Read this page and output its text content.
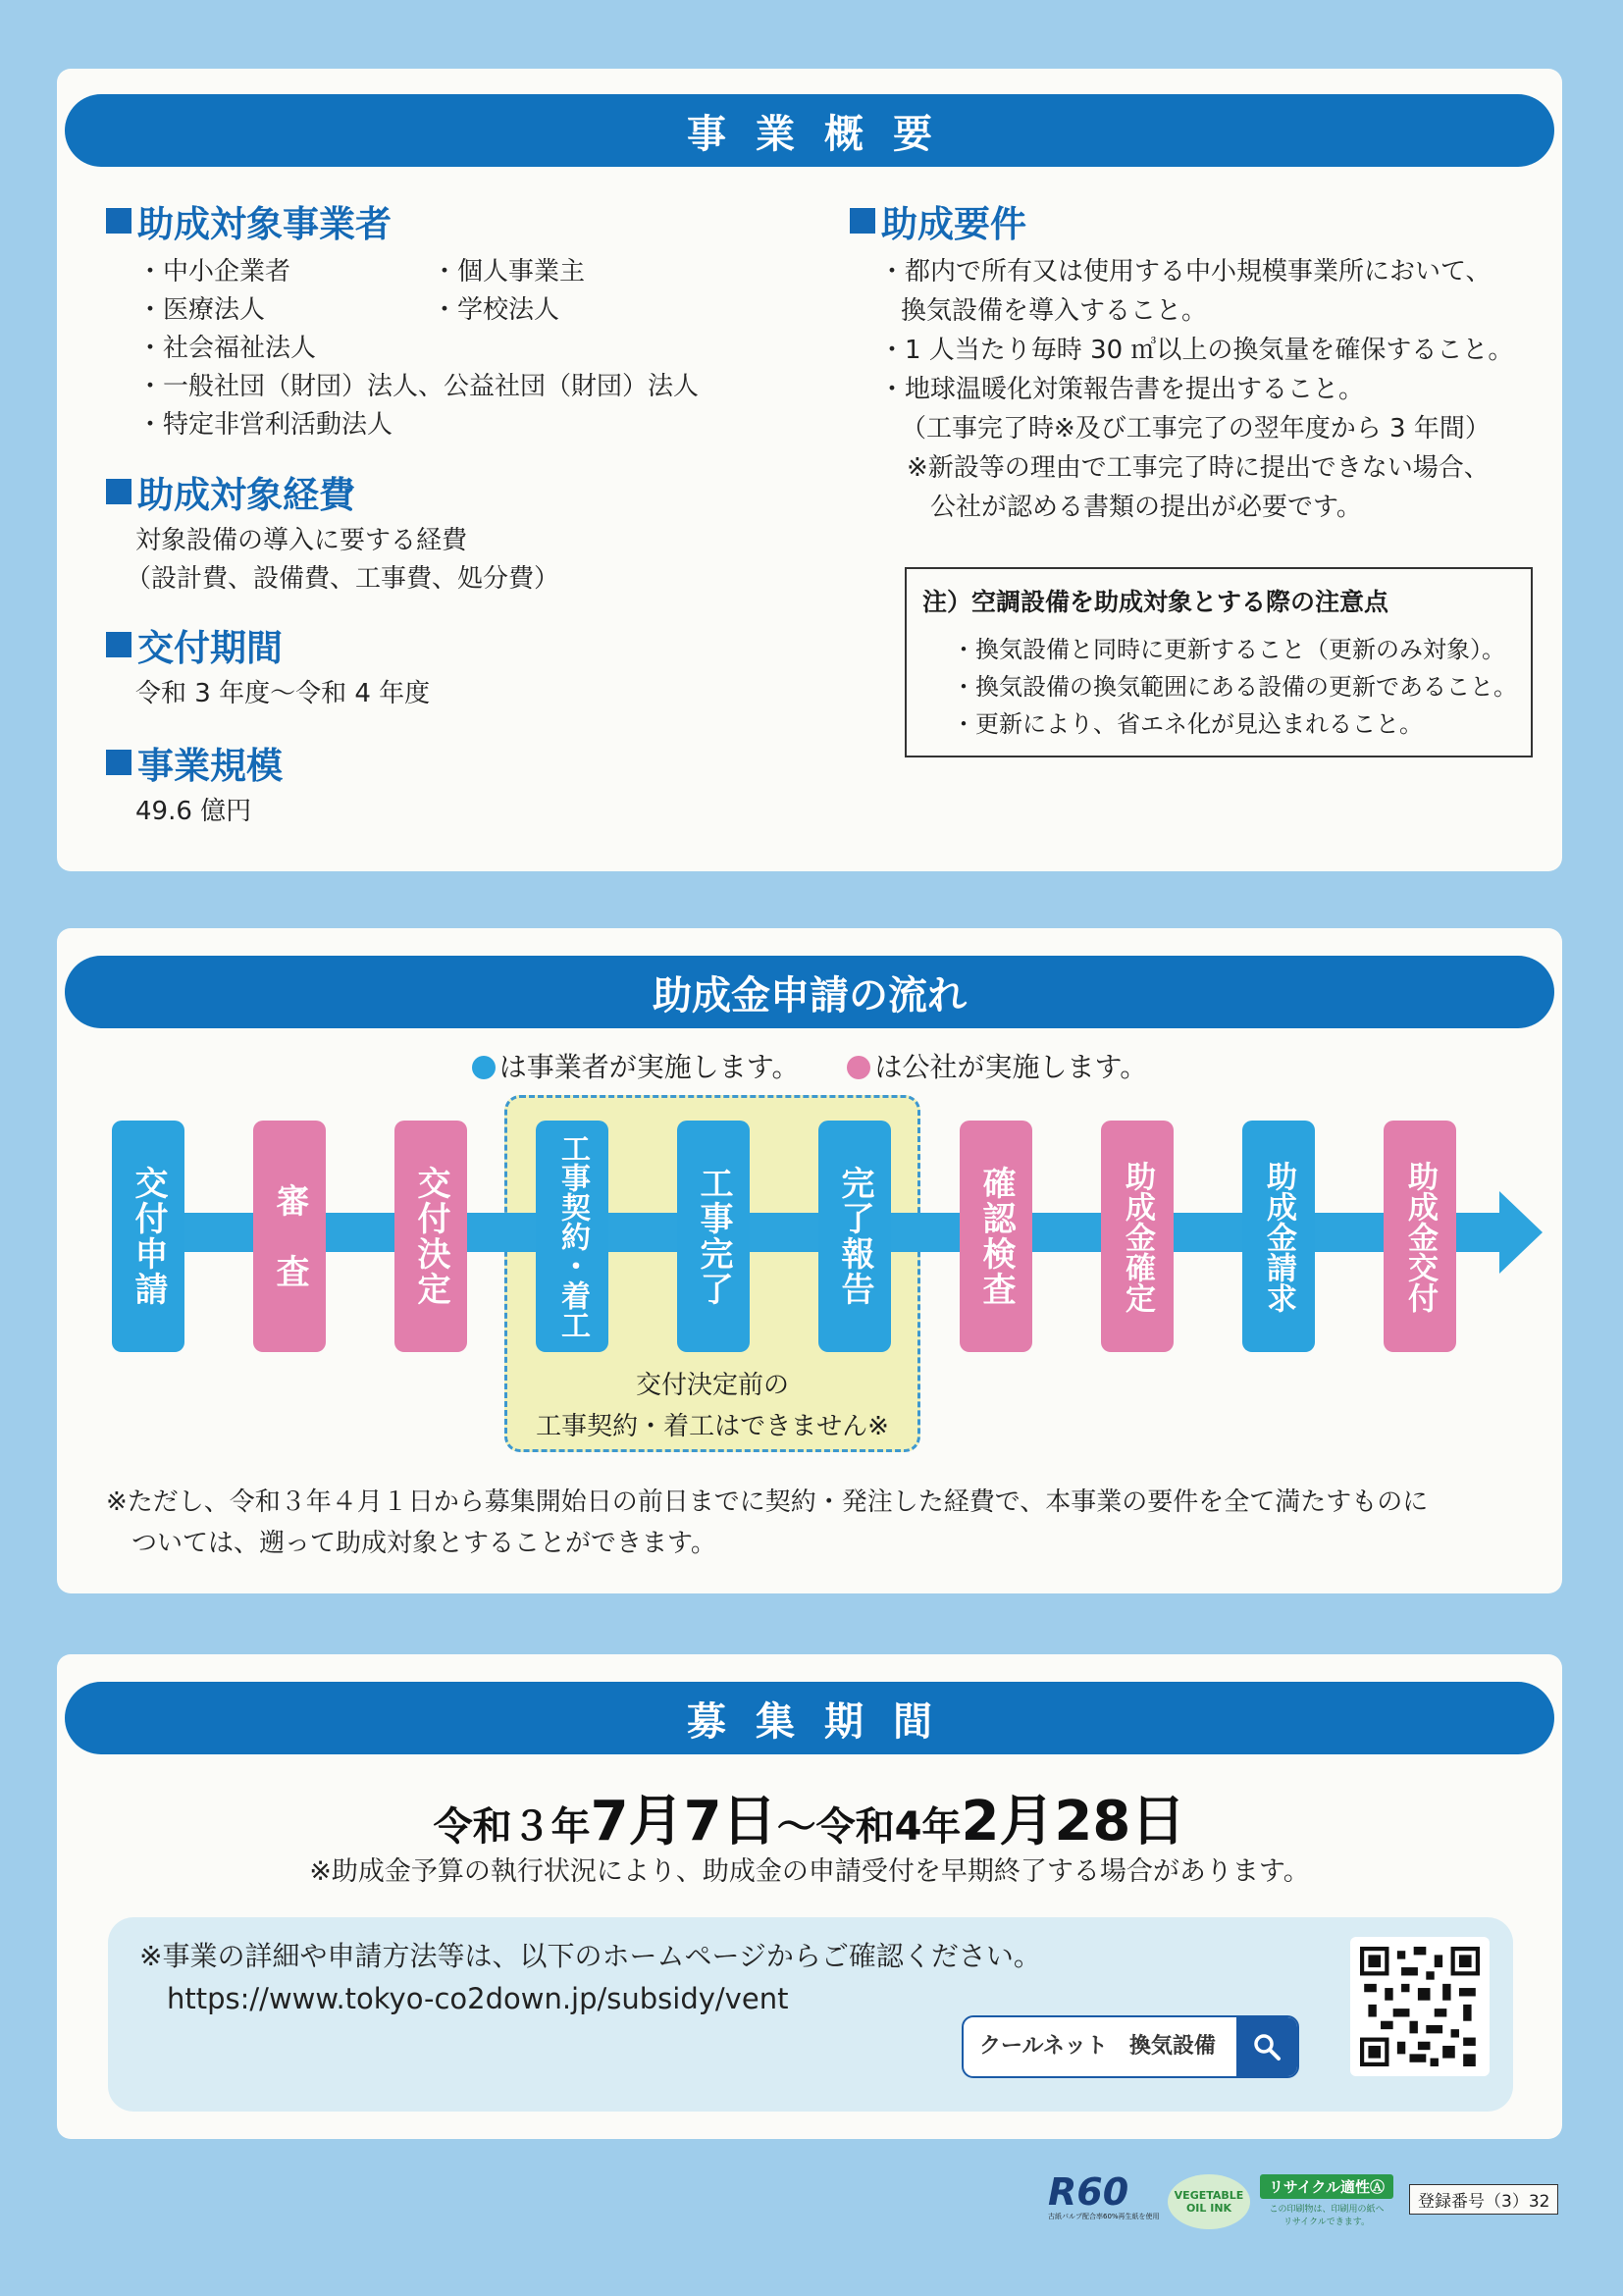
事業概要
助成対象事業者
・中小企業者	・個人事業主
・医療法人	・学校法人
・社会福祉法人
・一般社団（財団）法人、公益社団（財団）法人
・特定非営利活動法人
助成対象経費
対象設備の導入に要する経費
（設計費、設備費、工事費、処分費）
交付期間
令和 3 年度～令和 4 年度
事業規模
49.6 億円
助成要件
・都内で所有又は使用する中小規模事業所において、
換気設備を導入すること。
・1 人当たり毎時 30 ㎥以上の換気量を確保すること。
・地球温暖化対策報告書を提出すること。
（工事完了時※及び工事完了の翌年度から 3 年間）
※新設等の理由で工事完了時に提出できない場合、
公社が認める書類の提出が必要です。
注）空調設備を助成対象とする際の注意点
・換気設備と同時に更新すること（更新のみ対象）。
・換気設備の換気範囲にある設備の更新であること。
・更新により、省エネ化が見込まれること。
助成金申請の流れ
は事業者が実施します。	は公社が実施します。
交付決定前の
工事契約・着工はできません※
交付申請	審　査	交付決定	工事契約・着工	工事完了	完了報告	確認検査	助成金確定	助成金請求	助成金交付
※ただし、令和３年４月１日から募集開始日の前日までに契約・発注した経費で、本事業の要件を全て満たすものに
ついては、遡って助成対象とすることができます。
募集期間
令和３年7月7日～令和4年2月28日
※助成金予算の執行状況により、助成金の申請受付を早期終了する場合があります。
※事業の詳細や申請方法等は、以下のホームページからご確認ください。
https://www.tokyo-co2down.jp/subsidy/vent
クールネット　換気設備
R60
古紙パルプ配合率60%再生紙を使用
VEGETABLE OIL INK
リサイクル適性Ⓐ
この印刷物は、印刷用の紙へ
リサイクルできます。
登録番号（3）32
